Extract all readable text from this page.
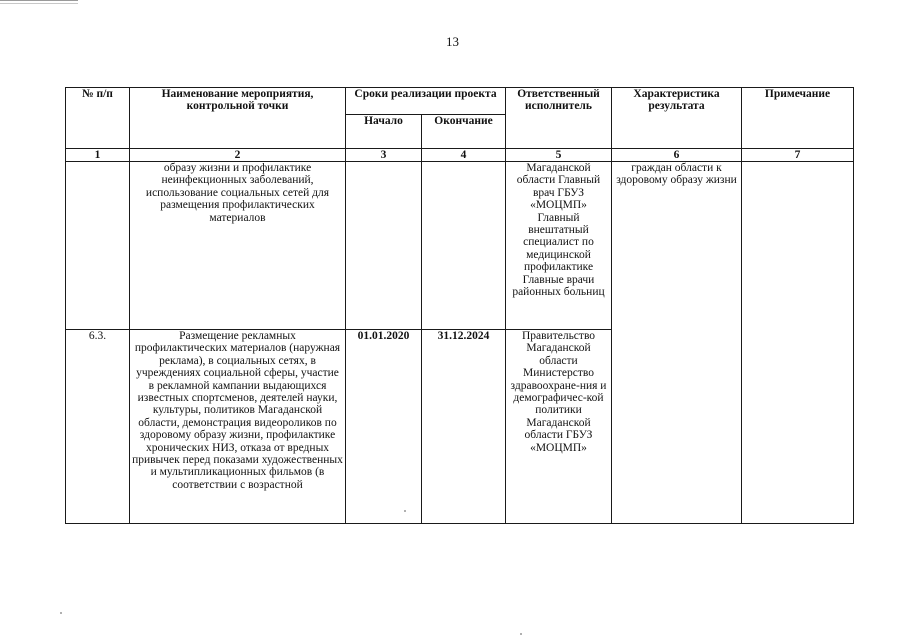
13
№ п/п	Наименование мероприятия, контрольной точки	Сроки реализации проекта		Ответственный исполнитель	Характеристика результата	Примечание
		Начало	Окончание			
1	2	3	4	5	6	7
	образу жизни и профилактике неинфекционных заболеваний, использование социальных сетей для размещения профилактических материалов			Магаданской области Главный врач ГБУЗ «МОЦМП» Главный внештатный специалист по медицинской профилактике Главные врачи районных больниц	граждан области к здоровому образу жизни	
6.3.	Размещение рекламных профилактических материалов (наружная реклама), в социальных сетях, в учреждениях социальной сферы, участие в рекламной кампании выдающихся известных спортсменов, деятелей науки, культуры, политиков Магаданской области, демонстрация видеороликов по здоровому образу жизни, профилактике хронических НИЗ, отказа от вредных привычек перед показами художественных и мультипликационных фильмов (в соответствии с возрастной	01.01.2020	31.12.2024	Правительство Магаданской области Министерство здравоохране-ния и демографичес-кой политики Магаданской области ГБУЗ «МОЦМП»		
